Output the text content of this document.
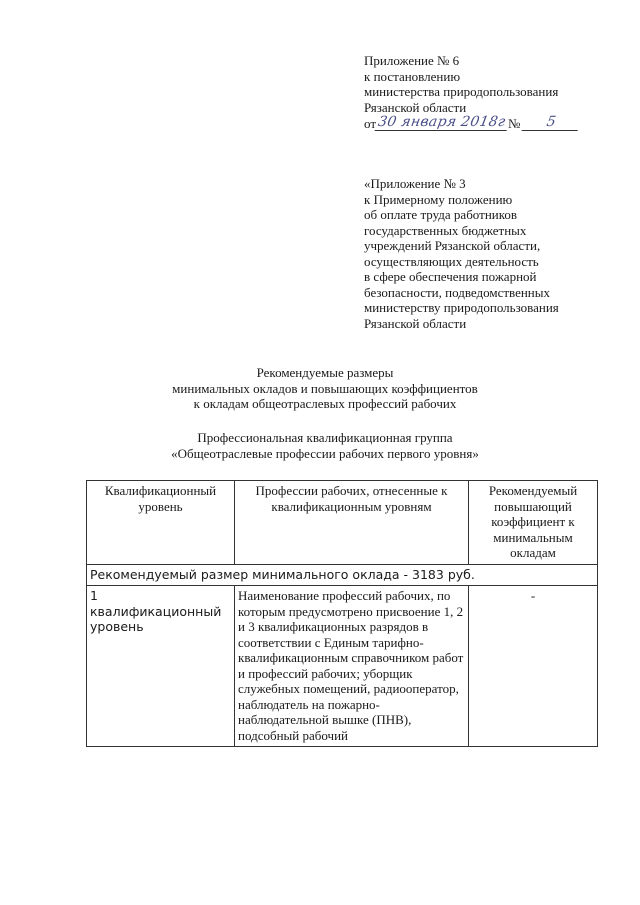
Приложение № 6
к постановлению
министерства природопользования
Рязанской области
от 30 января 2018г №	5
«Приложение № 3
к Примерному положению
об оплате труда работников
государственных бюджетных
учреждений Рязанской области,
осуществляющих деятельность
в сфере обеспечения пожарной
безопасности, подведомственных
министерству природопользования
Рязанской области
Рекомендуемые размеры
минимальных окладов и повышающих коэффициентов
к окладам общеотраслевых профессий рабочих
Профессиональная квалификационная группа
«Общеотраслевые профессии рабочих первого уровня»
Квалификационный уровень	Профессии рабочих, отнесенные к квалификационным уровням	Рекомендуемый повышающий коэффициент к минимальным окладам
Рекомендуемый размер минимального оклада - 3183 руб.		
1 квалификационный уровень	Наименование профессий рабочих, по которым предусмотрено присвоение 1, 2 и 3 квалификационных разрядов в соответствии с Единым тарифно-квалификационным справочником работ и профессий рабочих; уборщик служебных помещений, радиооператор, наблюдатель на пожарно-наблюдательной вышке (ПНВ), подсобный рабочий	-
